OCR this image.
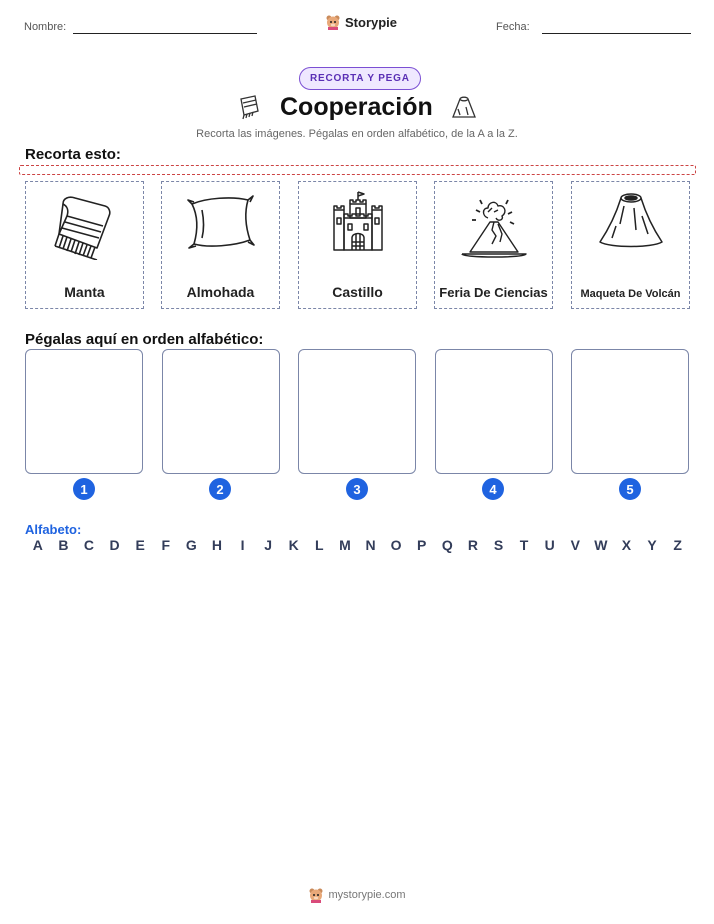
Nombre:	Storypie	Fecha:
RECORTA Y PEGA
Cooperación
Recorta las imágenes. Pégalas en orden alfabético, de la A a la Z.
Recorta esto:
Manta	Almohada	Castillo	Feria De Ciencias	Maqueta De Volcán
Pégalas aquí en orden alfabético:
1	2	3	4	5
Alfabeto:
A	B	C	D	E	F	G	H	I	J	K	L	M	N	O	P	Q	R	S	T	U	V	W	X	Y	Z
mystorypie.com
